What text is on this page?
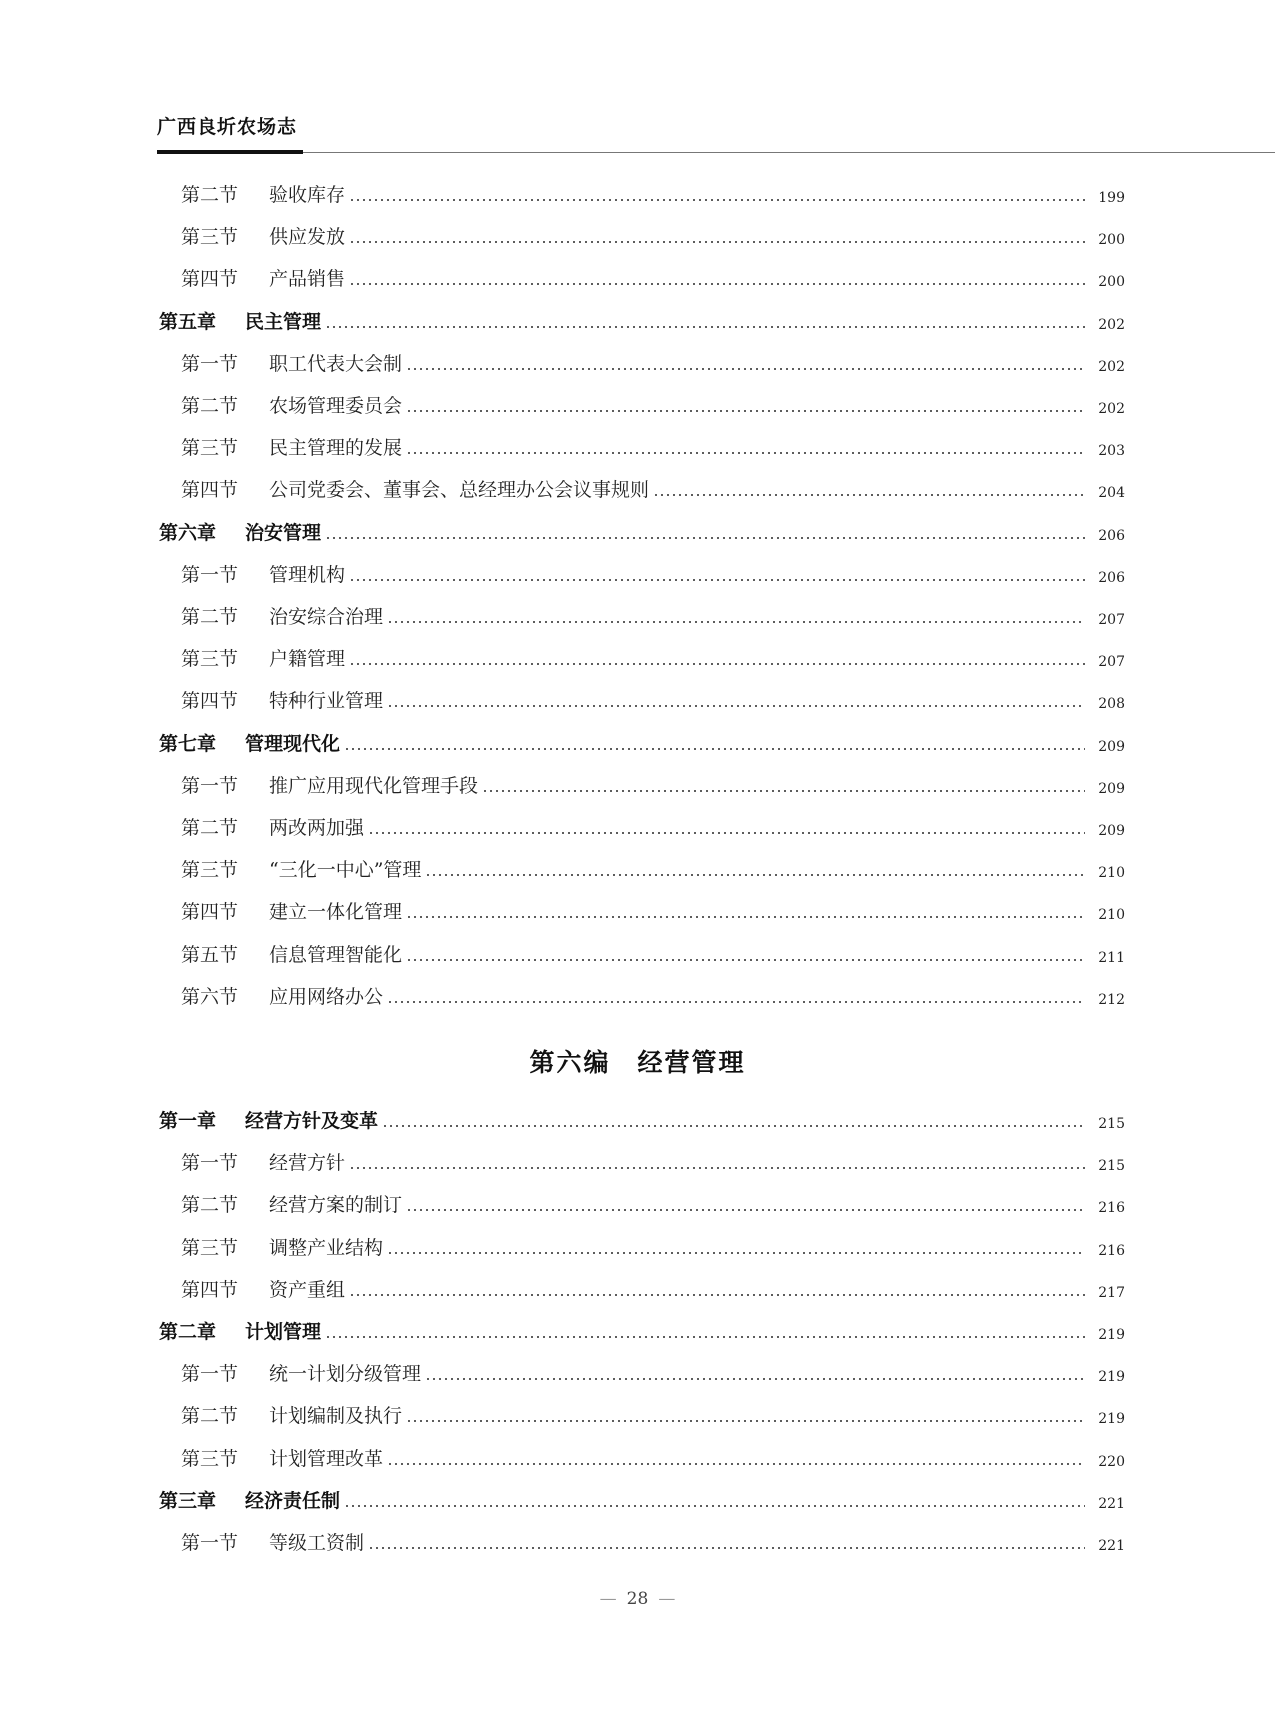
广西良圻农场志
第二节	验收库存	199
第三节	供应发放	200
第四节	产品销售	200
第五章	民主管理	202
第一节	职工代表大会制	202
第二节	农场管理委员会	202
第三节	民主管理的发展	203
第四节	公司党委会、董事会、总经理办公会议事规则	204
第六章	治安管理	206
第一节	管理机构	206
第二节	治安综合治理	207
第三节	户籍管理	207
第四节	特种行业管理	208
第七章	管理现代化	209
第一节	推广应用现代化管理手段	209
第二节	两改两加强	209
第三节	“三化一中心”管理	210
第四节	建立一体化管理	210
第五节	信息管理智能化	211
第六节	应用网络办公	212
第六编　经营管理
第一章	经营方针及变革	215
第一节	经营方针	215
第二节	经营方案的制订	216
第三节	调整产业结构	216
第四节	资产重组	217
第二章	计划管理	219
第一节	统一计划分级管理	219
第二节	计划编制及执行	219
第三节	计划管理改革	220
第三章	经济责任制	221
第一节	等级工资制	221
— 28 —
